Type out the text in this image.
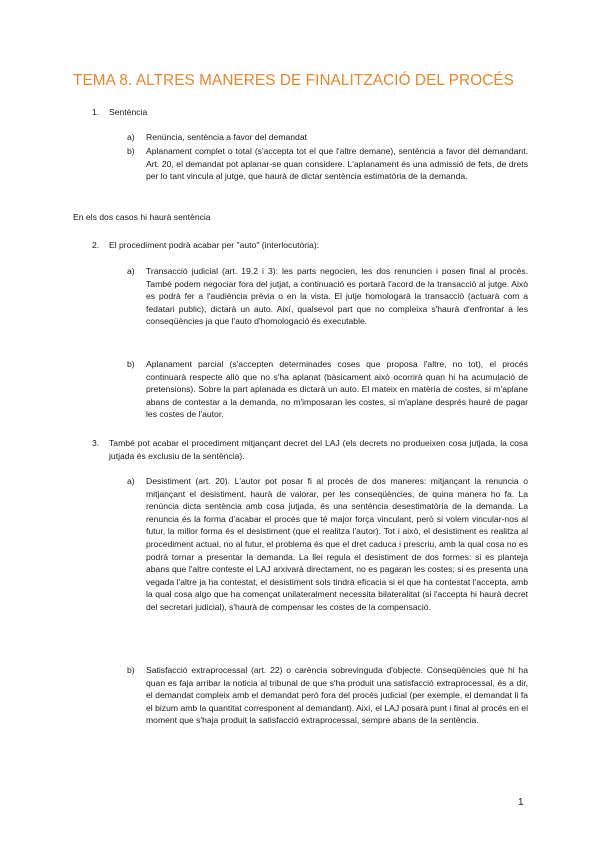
TEMA 8. ALTRES MANERES DE FINALITZACIÓ DEL PROCÉS
1. Sentència
a) Renúncia, sentència a favor del demandat
b) Aplanament complet o total (s'accepta tot el que l'altre demane), sentència a favor del demandant. Art. 20, el demandat pot aplanar-se quan considere. L'aplanament és una admissió de fets, de drets per lo tant vincula al jutge, que haurà de dictar sentència estimatòria de la demanda.
En els dos casos hi haurà sentència
2. El procediment podrà acabar per "auto" (interlocutòria):
a) Transacció judicial (art. 19.2 i 3): les parts negocien, les dos renuncien i posen final al procés. També podem negociar fora del jutjat, a continuació es portarà l'acord de la transacció al jutge. Això es podrà fer a l'audiència prèvia o en la vista. El jutje homologarà la transacció (actuarà com a fedatari public), dictarà un auto. Així, qualsevol part que no compleixa s'haurà d'enfrontar a les conseqüències ja que l'auto d'homologació és executable.
b) Aplanament parcial (s'accepten determinades coses que proposa l'altre, no tot), el procés continuarà respecte allò que no s'ha aplanat (bàsicament això ocorrirà quan hi ha acumulació de pretensions). Sobre la part aplanada es dictarà un auto. El mateix en matèria de costes, si m'aplane abans de contestar a la demanda, no m'imposaran les costes, si m'aplane després hauré de pagar les costes de l'autor.
3. També pot acabar el procediment mitjançant decret del LAJ (els decrets no produeixen cosa jutjada, la cosa jutjada és exclusiu de la sentència).
a) Desistiment (art. 20). L'autor pot posar fi al procés de dos maneres: mitjançant la renuncia o mitjançant el desistiment, haurà de valorar, per les conseqüències, de quina manera ho fa. La renúncia dicta sentència amb cosa jutjada, és una sentència desestimatòria de la demanda. La renuncia és la forma d'acabar el procés que té major força vinculant, però si volem vincular-nos al futur, la millor forma és el desistiment (que el realitza l'autor). Tot i això, el desistiment es realitza al procediment actual, no al futur, el problema és que el dret caduca i prescriu, amb la qual cosa no es podrà tornar a presentar la demanda. La llei regula el desistiment de dos formes: si es planteja abans que l'altre conteste el LAJ arxivarà directament, no es pagaran les costes; si es presenta una vegada l'altre ja ha contestat, el desistiment sols tindrà eficacia si el que ha contestat l'accepta, amb la qual cosa algo que ha començat unilateralment necessita bilateralitat (si l'accepta hi haurà decret del secretari judicial), s'haurà de compensar les costes de la compensació.
b) Satisfacció extraprocessal (art. 22) o carència sobrevinguda d'objecte. Conseqüències que hi ha quan es faja arribar la noticia al tribunal de que s'ha produit una satisfacció extraprocessal, és a dir, el demandat compleix amb el demandat però fora del procés judicial (per exemple, el demandat li fa el bizum amb la quantitat corresponent al demandant). Així, el LAJ posarà punt i final al procés en el moment que s'haja produit la satisfacció extraprocessal, sempre abans de la sentència.
1
